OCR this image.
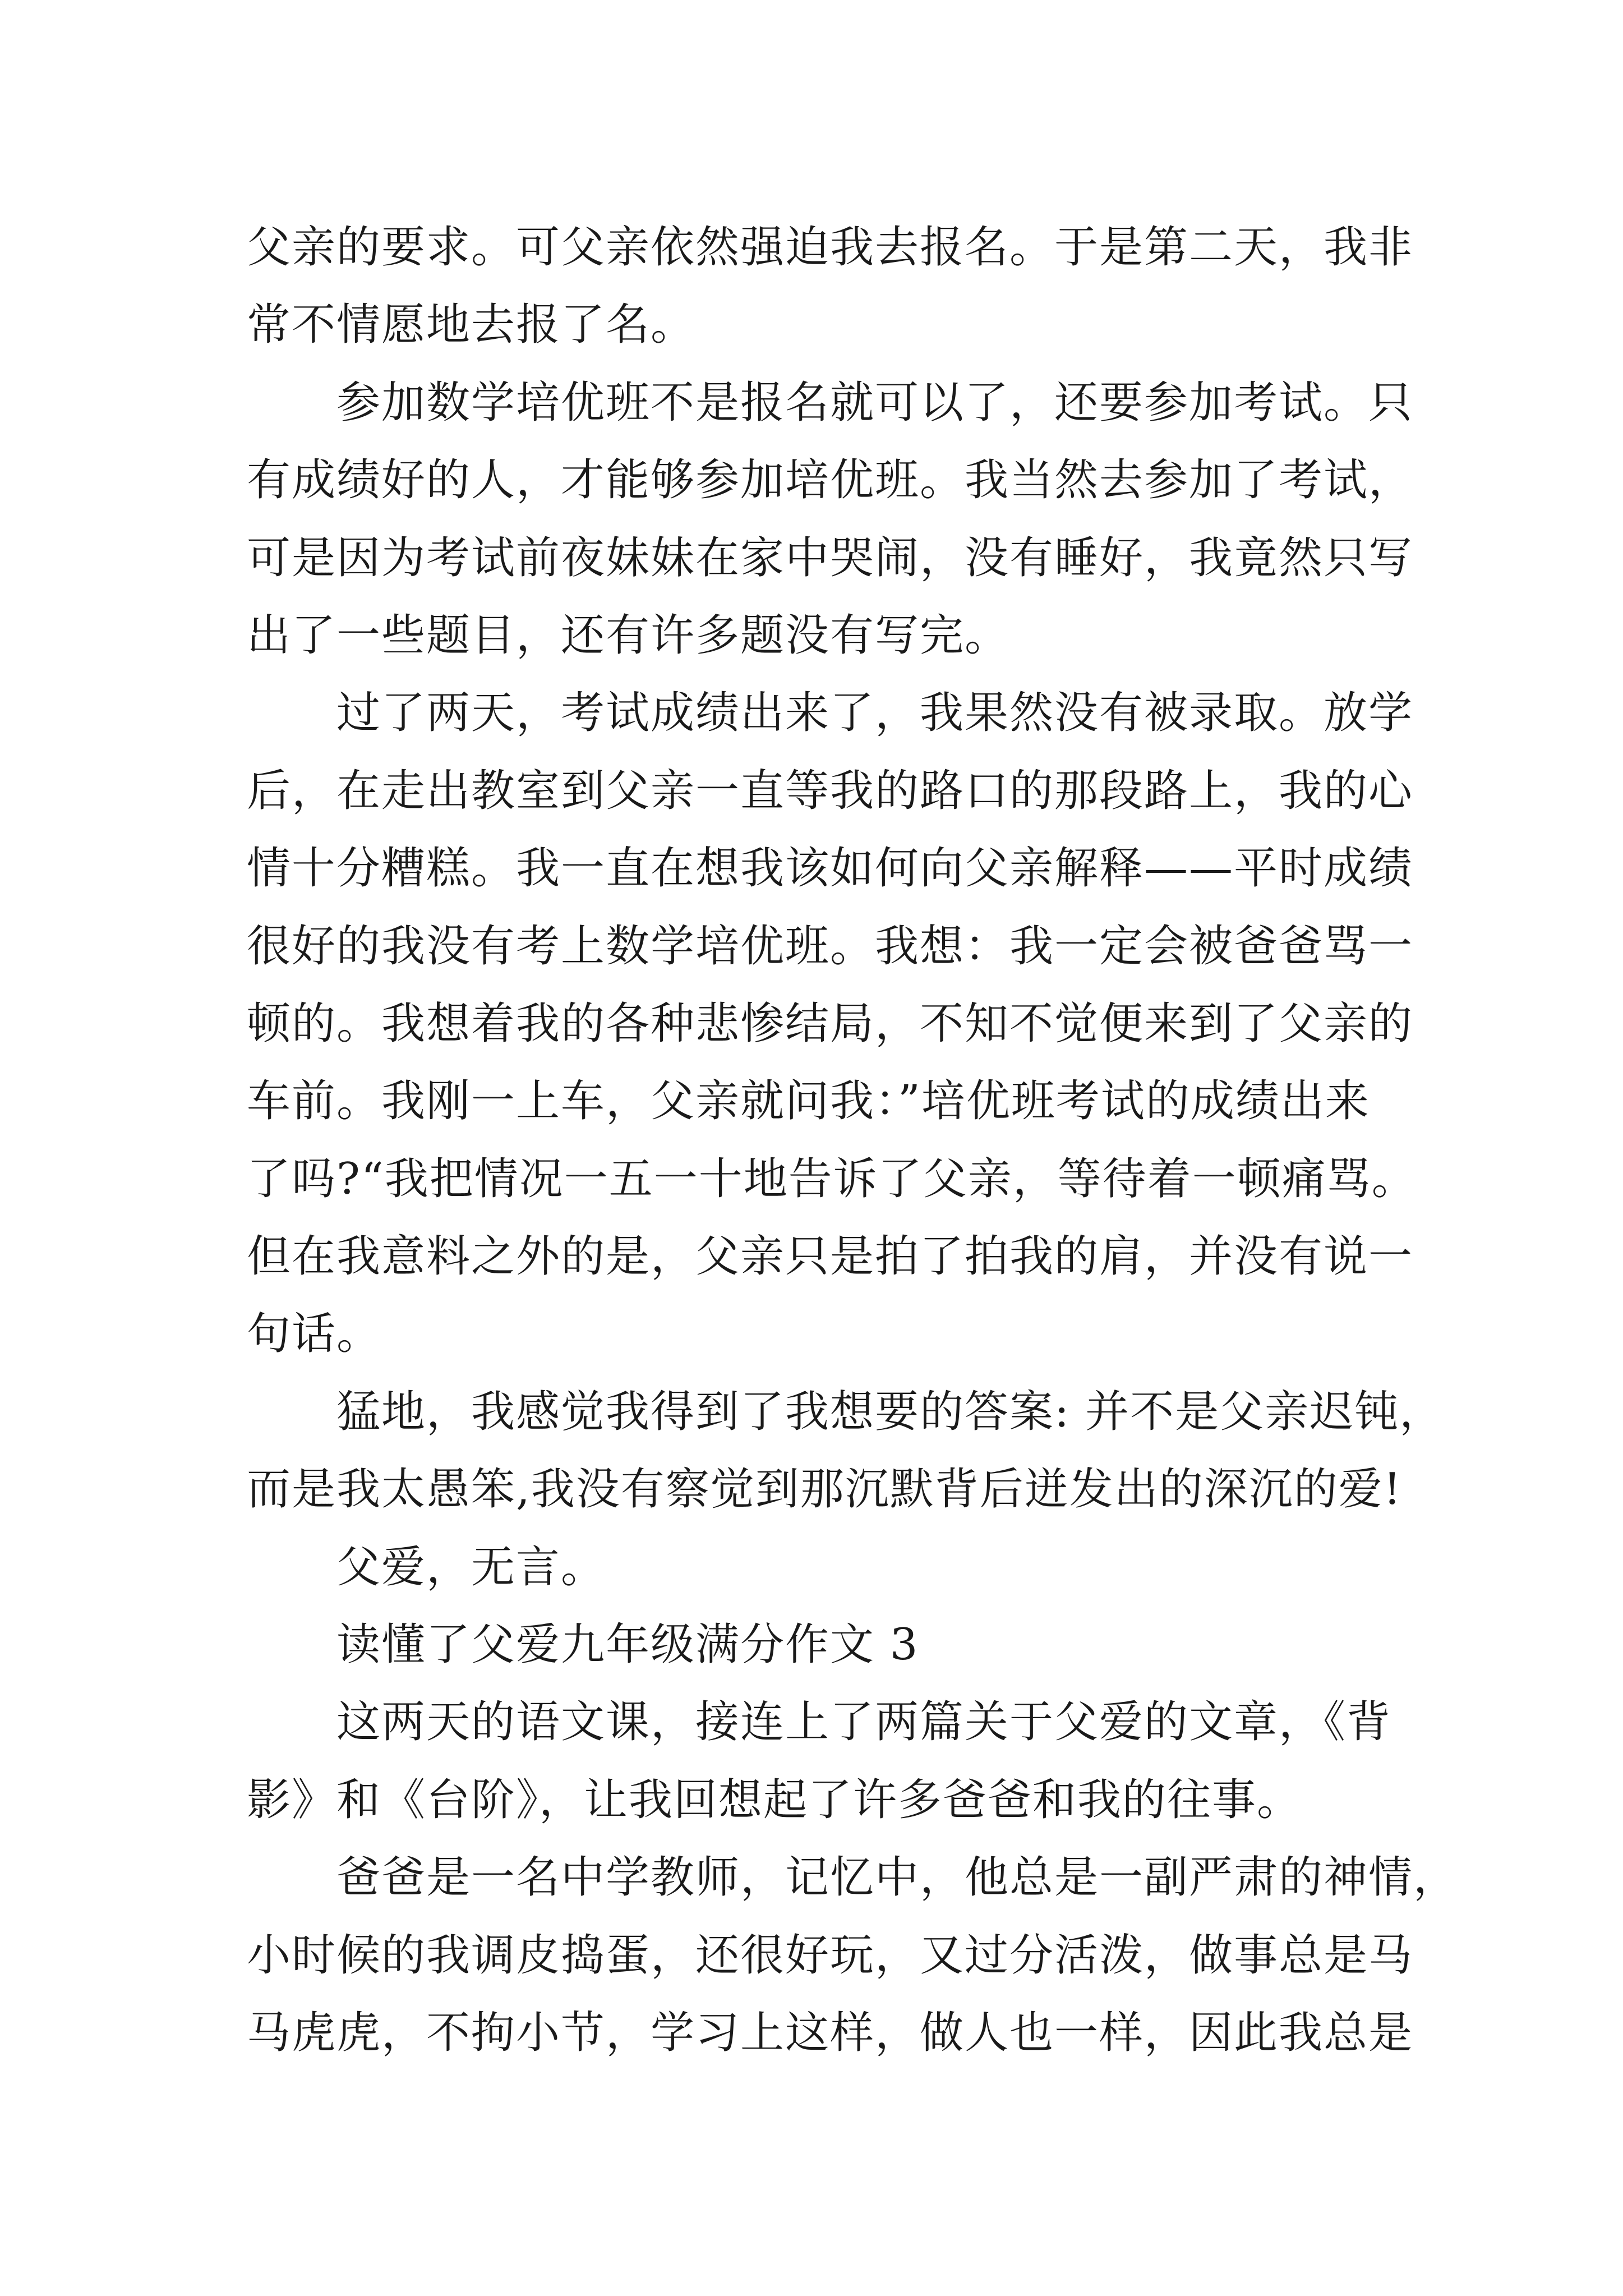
父亲的要求。可父亲依然强迫我去报名。于是第二天，我非
常不情愿地去报了名。
参加数学培优班不是报名就可以了，还要参加考试。只
有成绩好的人，才能够参加培优班。我当然去参加了考试，
可是因为考试前夜妹妹在家中哭闹，没有睡好，我竟然只写
出了一些题目，还有许多题没有写完。
过了两天，考试成绩出来了，我果然没有被录取。放学
后，在走出教室到父亲一直等我的路口的那段路上，我的心
情十分糟糕。我一直在想我该如何向父亲解释——平时成绩
很好的我没有考上数学培优班。我想：我一定会被爸爸骂一
顿的。我想着我的各种悲惨结局，不知不觉便来到了父亲的
车前。我刚一上车，父亲就问我：”培优班考试的成绩出来
了吗?“我把情况一五一十地告诉了父亲，等待着一顿痛骂。
但在我意料之外的是，父亲只是拍了拍我的肩，并没有说一
句话。
猛地，我感觉我得到了我想要的答案: 并不是父亲迟钝，
而是我太愚笨,我没有察觉到那沉默背后迸发出的深沉的爱!
父爱，无言。
读懂了父爱九年级满分作文 3
这两天的语文课，接连上了两篇关于父爱的文章，《背
影》和《台阶》，让我回想起了许多爸爸和我的往事。
爸爸是一名中学教师，记忆中，他总是一副严肃的神情，
小时候的我调皮捣蛋，还很好玩，又过分活泼，做事总是马
马虎虎，不拘小节，学习上这样，做人也一样，因此我总是
